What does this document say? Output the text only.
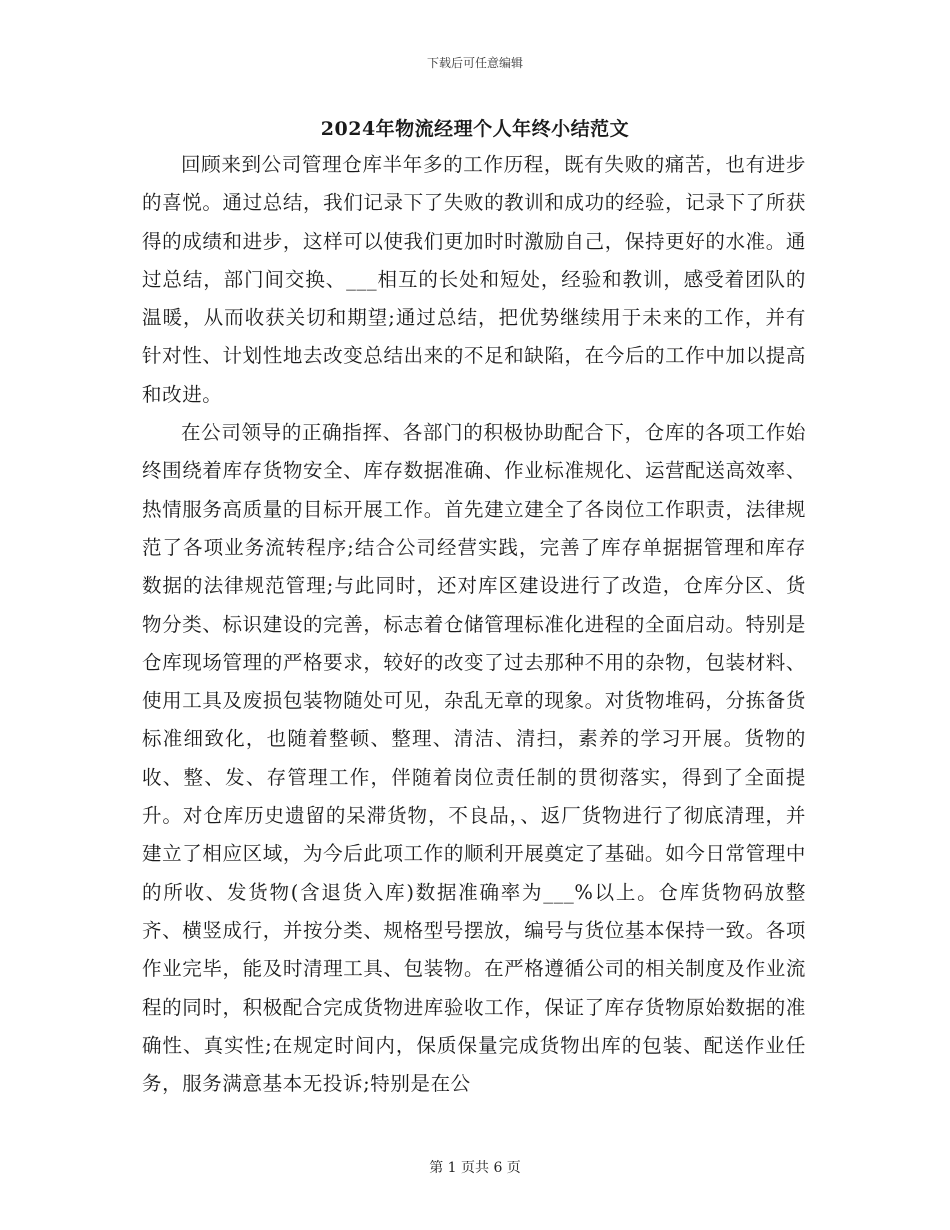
下载后可任意编辑
2024年物流经理个人年终小结范文

回顾来到公司管理仓库半年多的工作历程，既有失败的痛苦，也有进步的喜悦。通过总结，我们记录下了失败的教训和成功的经验，记录下了所获得的成绩和进步，这样可以使我们更加时时激励自己，保持更好的水准。通过总结，部门间交换、___相互的长处和短处，经验和教训，感受着团队的温暖，从而收获关切和期望;通过总结，把优势继续用于未来的工作，并有针对性、计划性地去改变总结出来的不足和缺陷，在今后的工作中加以提高和改进。

在公司领导的正确指挥、各部门的积极协助配合下，仓库的各项工作始终围绕着库存货物安全、库存数据准确、作业标准规化、运营配送高效率、热情服务高质量的目标开展工作。首先建立建全了各岗位工作职责，法律规范了各项业务流转程序;结合公司经营实践，完善了库存单据据管理和库存数据的法律规范管理;与此同时，还对库区建设进行了改造，仓库分区、货物分类、标识建设的完善，标志着仓储管理标准化进程的全面启动。特别是仓库现场管理的严格要求，较好的改变了过去那种不用的杂物，包装材料、使用工具及废损包装物随处可见，杂乱无章的现象。对货物堆码，分拣备货标准细致化，也随着整顿、整理、清洁、清扫，素养的学习开展。货物的收、整、发、存管理工作，伴随着岗位责任制的贯彻落实，得到了全面提升。对仓库历史遗留的呆滞货物，不良品，、返厂货物进行了彻底清理，并建立了相应区域，为今后此项工作的顺利开展奠定了基础。如今日常管理中的所收、发货物(含退货入库)数据准确率为___%以上。仓库货物码放整齐、横竖成行，并按分类、规格型号摆放，编号与货位基本保持一致。各项作业完毕，能及时清理工具、包装物。在严格遵循公司的相关制度及作业流程的同时，积极配合完成货物进库验收工作，保证了库存货物原始数据的准确性、真实性;在规定时间内，保质保量完成货物出库的包装、配送作业任务，服务满意基本无投诉;特别是在公

第 1 页共 6 页
